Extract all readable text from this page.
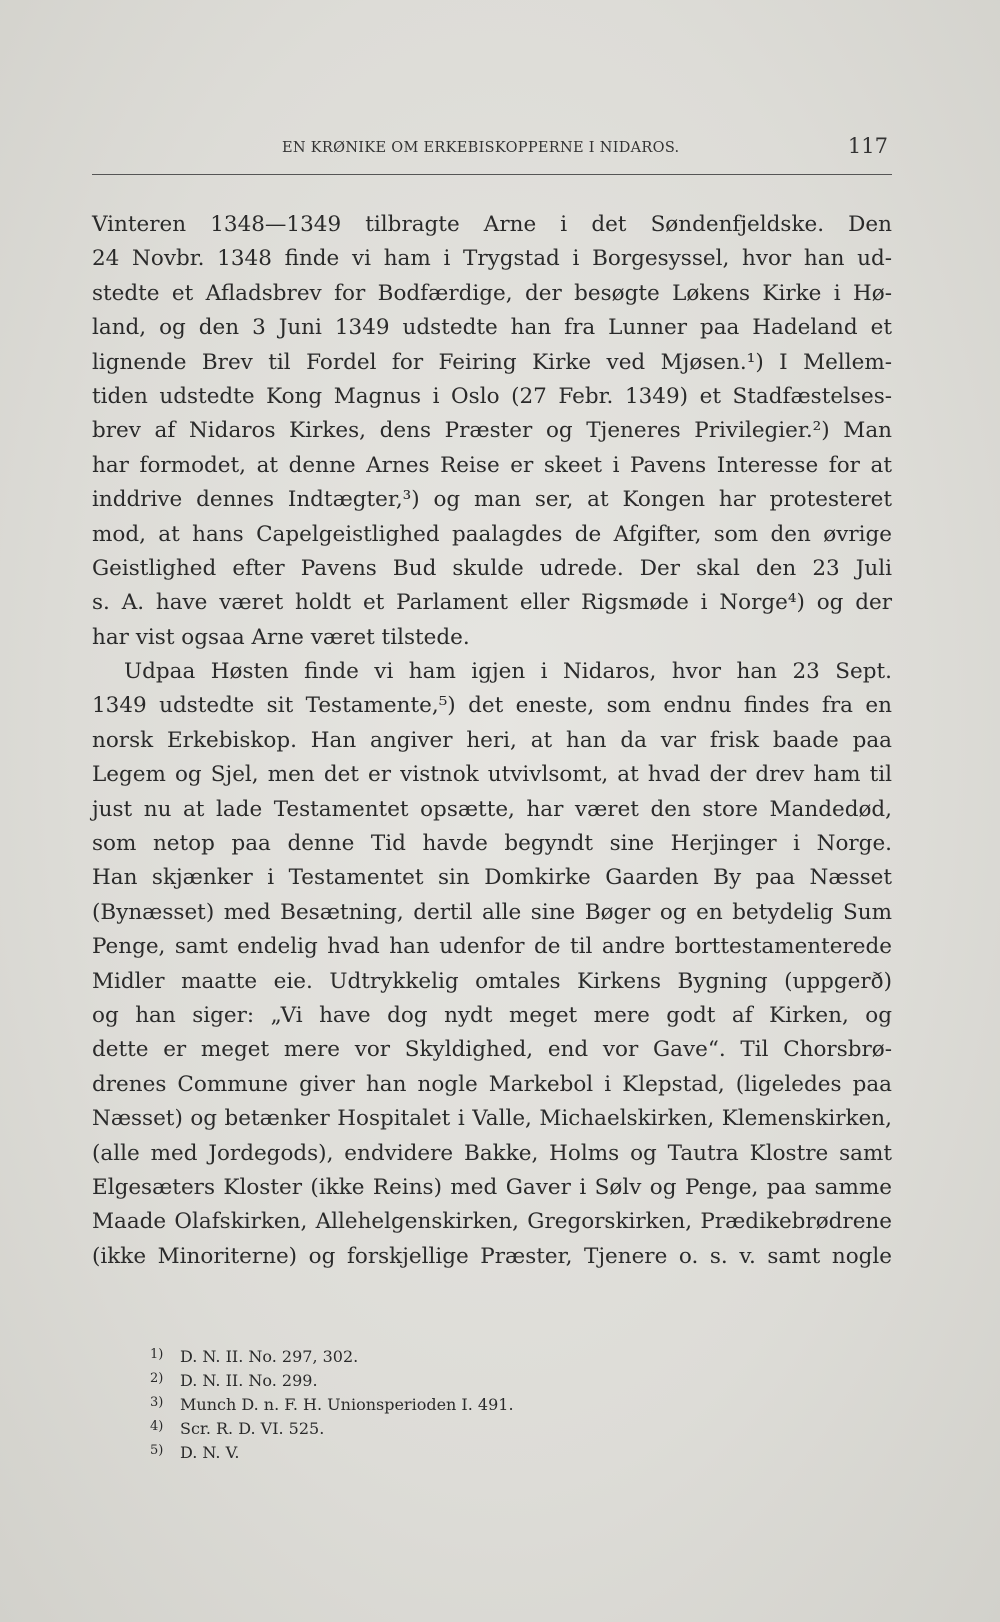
EN KRØNIKE OM ERKEBISKOPPERNE I NIDAROS.	117
Vinteren 1348—1349 tilbragte Arne i det Søndenfjeldske. Den
24 Novbr. 1348 finde vi ham i Trygstad i Borgesyssel, hvor han ud-
stedte et Afladsbrev for Bodfærdige, der besøgte Løkens Kirke i Hø-
land, og den 3 Juni 1349 udstedte han fra Lunner paa Hadeland et
lignende Brev til Fordel for Feiring Kirke ved Mjøsen.¹) I Mellem-
tiden udstedte Kong Magnus i Oslo (27 Febr. 1349) et Stadfæstelses-
brev af Nidaros Kirkes, dens Præster og Tjeneres Privilegier.²) Man
har formodet, at denne Arnes Reise er skeet i Pavens Interesse for at
inddrive dennes Indtægter,³) og man ser, at Kongen har protesteret
mod, at hans Capelgeistlighed paalagdes de Afgifter, som den øvrige
Geistlighed efter Pavens Bud skulde udrede. Der skal den 23 Juli
s. A. have været holdt et Parlament eller Rigsmøde i Norge⁴) og der
har vist ogsaa Arne været tilstede.
Udpaa Høsten finde vi ham igjen i Nidaros, hvor han 23 Sept.
1349 udstedte sit Testamente,⁵) det eneste, som endnu findes fra en
norsk Erkebiskop. Han angiver heri, at han da var frisk baade paa
Legem og Sjel, men det er vistnok utvivlsomt, at hvad der drev ham til
just nu at lade Testamentet opsætte, har været den store Mandedød,
som netop paa denne Tid havde begyndt sine Herjinger i Norge.
Han skjænker i Testamentet sin Domkirke Gaarden By paa Næsset
(Bynæsset) med Besætning, dertil alle sine Bøger og en betydelig Sum
Penge, samt endelig hvad han udenfor de til andre borttestamenterede
Midler maatte eie. Udtrykkelig omtales Kirkens Bygning (uppgerð)
og han siger: „Vi have dog nydt meget mere godt af Kirken, og
dette er meget mere vor Skyldighed, end vor Gave“. Til Chorsbrø-
drenes Commune giver han nogle Markebol i Klepstad, (ligeledes paa
Næsset) og betænker Hospitalet i Valle, Michaelskirken, Klemenskirken,
(alle med Jordegods), endvidere Bakke, Holms og Tautra Klostre samt
Elgesæters Kloster (ikke Reins) med Gaver i Sølv og Penge, paa samme
Maade Olafskirken, Allehelgenskirken, Gregorskirken, Prædikebrødrene
(ikke Minoriterne) og forskjellige Præster, Tjenere o. s. v. samt nogle
1) D. N. II. No. 297, 302.
2) D. N. II. No. 299.
3) Munch D. n. F. H. Unionsperioden I. 491.
4) Scr. R. D. VI. 525.
5) D. N. V.
